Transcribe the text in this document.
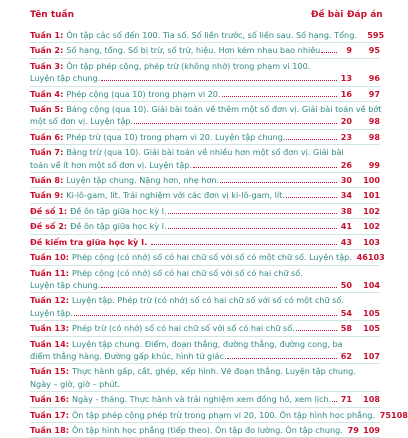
Tên tuần	Đề bài Đáp án
Tuần 1: Ôn tập các số đến 100. Tia số. Số liền trước, số liền sau. Số hạng. Tổng.	5 95
Tuần 2: Số hạng, tổng. Số bị trừ, số trừ, hiệu. Hơn kém nhau bao nhiêu	9	95
Tuần 3: Ôn tập phép cộng, phép trừ (không nhớ) trong phạm vi 100.
Luyện tập chung.	13	96
Tuần 4: Phép cộng (qua 10) trong phạm vi 20.	16	97
Tuần 5: Bảng cộng (qua 10). Giải bài toán về thêm một số đơn vị. Giải bài toán về bớt
một số đơn vị. Luyện tập.	20	98
Tuần 6: Phép trừ (qua 10) trong phạm vi 20. Luyện tập chung.	23	98
Tuần 7: Bảng trừ (qua 10). Giải bài toán về nhiều hơn một số đơn vị. Giải bài
toán về ít hơn một số đơn vị. Luyện tập.	26	99
Tuần 8: Luyện tập chung. Nặng hơn, nhẹ hơn.	30	100
Tuần 9: Ki-lô-gam, lít. Trải nghiệm với các đơn vị ki-lô-gam, lít.	34	101
Đề số 1: Đề ôn tập giữa học kỳ I.	38	102
Đề số 2: Đề ôn tập giữa học kỳ I.	41	102
Đề kiểm tra giữa học kỳ I.	43	103
Tuần 10: Phép cộng (có nhớ) số có hai chữ số với số có một chữ số. Luyện tập. 46 103
Tuần 11: Phép cộng (có nhớ) số có hai chữ số với số có hai chữ số.
Luyện tập chung.	50	104
Tuần 12: Luyện tập. Phép trừ (có nhớ) số có hai chữ số với số có một chữ số.
Luyện tập.	54	105
Tuần 13: Phép trừ (có nhớ) số có hai chữ số với số có hai chữ số.	58	105
Tuần 14: Luyện tập chung. Điểm, đoạn thẳng, đường thẳng, đường cong, ba
điểm thẳng hàng. Đường gấp khúc, hình tứ giác.	62	107
Tuần 15: Thực hành gấp, cắt, ghép, xếp hình. Vẽ đoạn thẳng. Luyện tập chung.
Ngày – giờ, giờ – phút.
Tuần 16: Ngày - tháng. Thực hành và trải nghiệm xem đồng hồ, xem lịch.	71	108
Tuần 17: Ôn tập phép cộng phép trừ trong phạm vi 20, 100. Ôn tập hình học phẳng. 75 108
Tuần 18: Ôn tập hình học phẳng (tiếp theo). Ôn tập đo lường. Ôn tập chung. 79 109
